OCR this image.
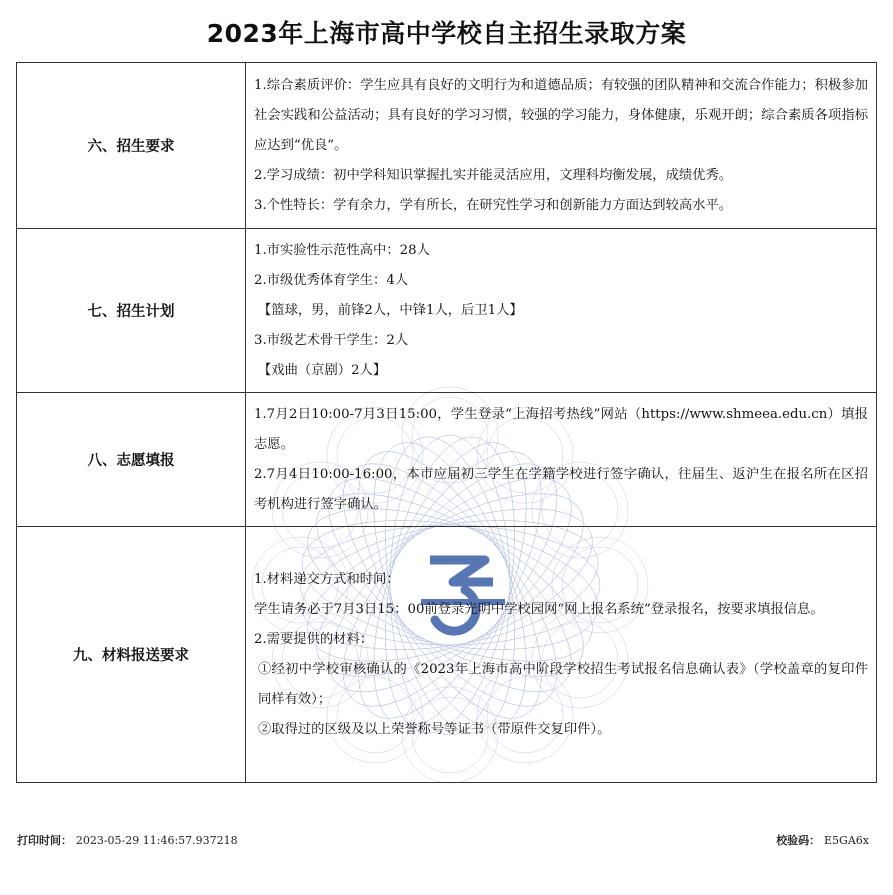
2023年上海市高中学校自主招生录取方案
六、招生要求	1.综合素质评价：学生应具有良好的文明行为和道德品质；有较强的团队精神和交流合作能力；积极参加社会实践和公益活动；具有良好的学习习惯，较强的学习能力，身体健康，乐观开朗；综合素质各项指标应达到“优良”。
2.学习成绩：初中学科知识掌握扎实并能灵活应用，文理科均衡发展，成绩优秀。
3.个性特长：学有余力，学有所长，在研究性学习和创新能力方面达到较高水平。

七、招生计划	1.市实验性示范性高中：28人
2.市级优秀体育学生：4人
【篮球，男，前锋2人，中锋1人，后卫1人】
3.市级艺术骨干学生：2人
【戏曲（京剧）2人】

八、志愿填报	1.7月2日10:00-7月3日15:00，学生登录“上海招考热线”网站（https://www.shmeea.edu.cn）填报志愿。
2.7月4日10:00-16:00，本市应届初三学生在学籍学校进行签字确认，往届生、返沪生在报名所在区招考机构进行签字确认。

九、材料报送要求	1.材料递交方式和时间：
学生请务必于7月3日15：00前登录光明中学校园网“网上报名系统”登录报名，按要求填报信息。
2.需要提供的材料：
①经初中学校审核确认的《2023年上海市高中阶段学校招生考试报名信息确认表》（学校盖章的复印件同样有效）；
②取得过的区级及以上荣誉称号等证书（带原件交复印件）。
打印时间： 2023-05-29 11:46:57.937218	校验码： E5GA6x
